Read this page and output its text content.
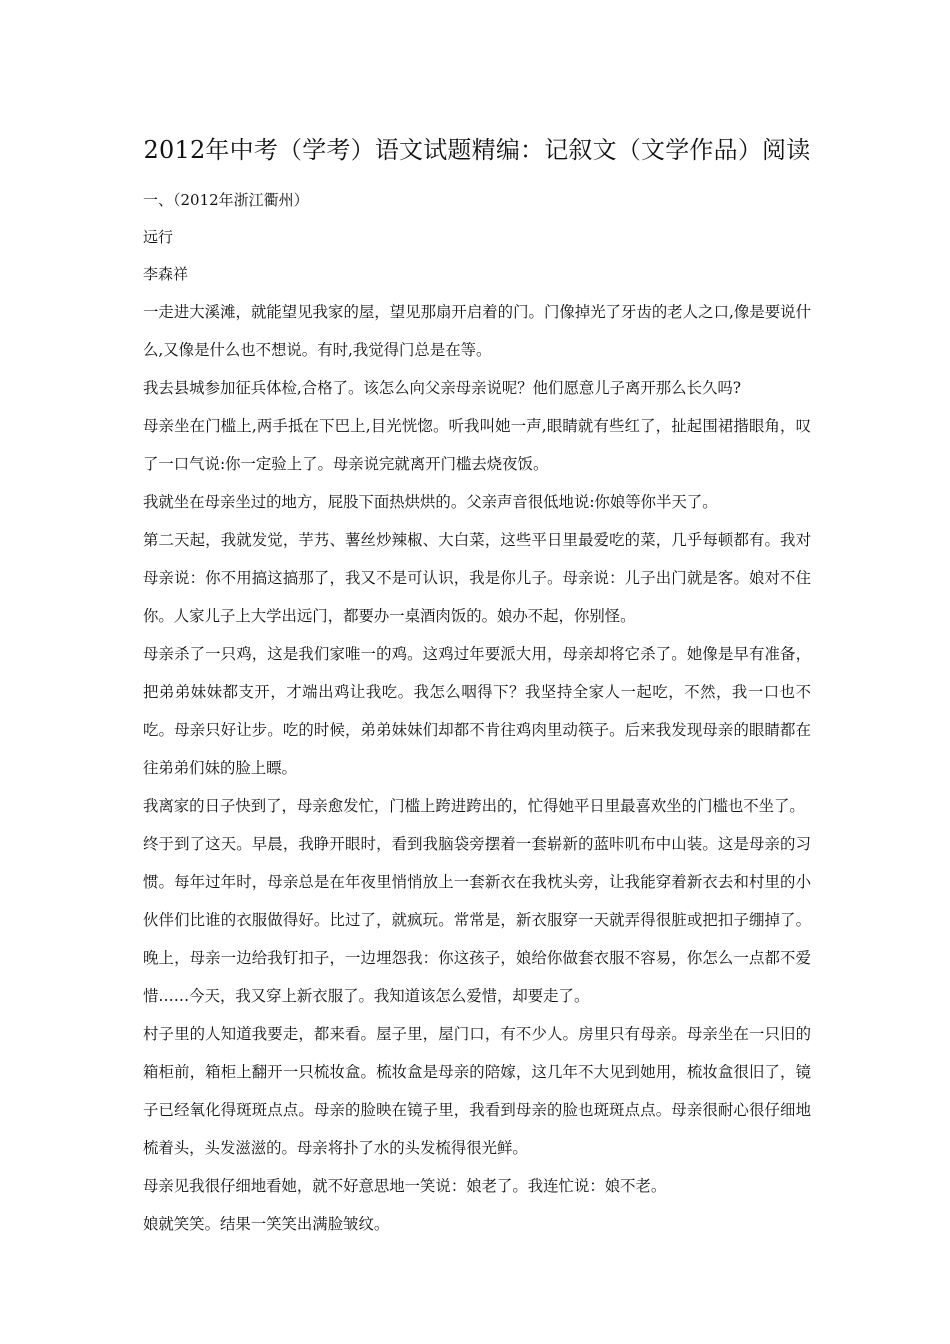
2012年中考（学考）语文试题精编：记叙文（文学作品）阅读

一、（2012年浙江衢州）

远行

李森祥

一走进大溪滩，就能望见我家的屋，望见那扇开启着的门。门像掉光了牙齿的老人之口,像是要说什么,又像是什么也不想说。有时,我觉得门总是在等。

我去县城参加征兵体检,合格了。该怎么向父亲母亲说呢？他们愿意儿子离开那么长久吗?

母亲坐在门槛上,两手抵在下巴上,目光恍惚。听我叫她一声,眼睛就有些红了，扯起围裙揩眼角，叹了一口气说:你一定验上了。母亲说完就离开门槛去烧夜饭。

我就坐在母亲坐过的地方，屁股下面热烘烘的。父亲声音很低地说:你娘等你半天了。

第二天起，我就发觉，芋艿、薯丝炒辣椒、大白菜，这些平日里最爱吃的菜，几乎每顿都有。我对母亲说：你不用搞这搞那了，我又不是可认识，我是你儿子。母亲说：儿子出门就是客。娘对不住你。人家儿子上大学出远门，都要办一桌酒肉饭的。娘办不起，你别怪。

母亲杀了一只鸡，这是我们家唯一的鸡。这鸡过年要派大用，母亲却将它杀了。她像是早有准备，把弟弟妹妹都支开，才端出鸡让我吃。我怎么咽得下？我坚持全家人一起吃，不然，我一口也不吃。母亲只好让步。吃的时候，弟弟妹妹们却都不肯往鸡肉里动筷子。后来我发现母亲的眼睛都在往弟弟们妹的脸上瞟。

我离家的日子快到了，母亲愈发忙，门槛上跨进跨出的，忙得她平日里最喜欢坐的门槛也不坐了。

终于到了这天。早晨，我睁开眼时，看到我脑袋旁摆着一套崭新的蓝咔叽布中山装。这是母亲的习惯。每年过年时，母亲总是在年夜里悄悄放上一套新衣在我枕头旁，让我能穿着新衣去和村里的小伙伴们比谁的衣服做得好。比过了，就疯玩。常常是，新衣服穿一天就弄得很脏或把扣子绷掉了。晚上，母亲一边给我钉扣子，一边埋怨我：你这孩子，娘给你做套衣服不容易，你怎么一点都不爱惜……今天，我又穿上新衣服了。我知道该怎么爱惜，却要走了。

村子里的人知道我要走，都来看。屋子里，屋门口，有不少人。房里只有母亲。母亲坐在一只旧的箱柜前，箱柜上翻开一只梳妆盒。梳妆盒是母亲的陪嫁，这几年不大见到她用，梳妆盒很旧了，镜子已经氧化得斑斑点点。母亲的脸映在镜子里，我看到母亲的脸也斑斑点点。母亲很耐心很仔细地梳着头，头发滋滋的。母亲将扑了水的头发梳得很光鲜。

母亲见我很仔细地看她，就不好意思地一笑说：娘老了。我连忙说：娘不老。

娘就笑笑。结果一笑笑出满脸皱纹。
